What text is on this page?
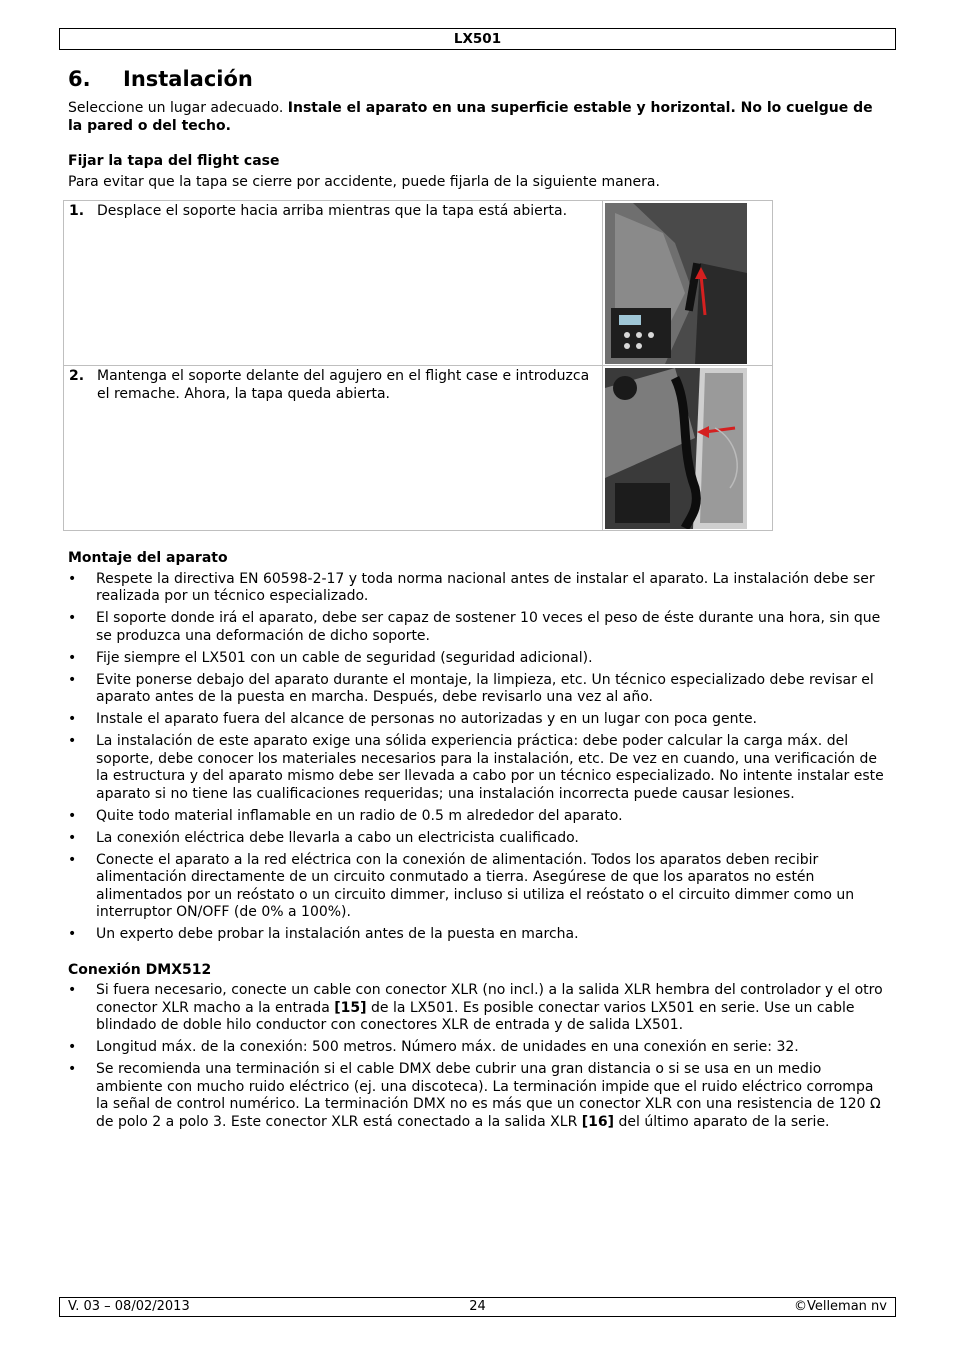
LX501
6.	Instalación

Seleccione un lugar adecuado. Instale el aparato en una superficie estable y horizontal. No lo cuelgue de la pared o del techo.

Fijar la tapa del flight case

Para evitar que la tapa se cierre por accidente, puede fijarla de la siguiente manera.

1. Desplace el soporte hacia arriba mientras que la tapa está abierta.

2. Mantenga el soporte delante del agujero en el flight case e introduzca el remache. Ahora, la tapa queda abierta.

Montaje del aparato
• Respete la directiva EN 60598-2-17 y toda norma nacional antes de instalar el aparato. La instalación debe ser realizada por un técnico especializado.
• El soporte donde irá el aparato, debe ser capaz de sostener 10 veces el peso de éste durante una hora, sin que se produzca una deformación de dicho soporte.
• Fije siempre el LX501 con un cable de seguridad (seguridad adicional).
• Evite ponerse debajo del aparato durante el montaje, la limpieza, etc. Un técnico especializado debe revisar el aparato antes de la puesta en marcha. Después, debe revisarlo una vez al año.
• Instale el aparato fuera del alcance de personas no autorizadas y en un lugar con poca gente.
• La instalación de este aparato exige una sólida experiencia práctica: debe poder calcular la carga máx. del soporte, debe conocer los materiales necesarios para la instalación, etc. De vez en cuando, una verificación de la estructura y del aparato mismo debe ser llevada a cabo por un técnico especializado. No intente instalar este aparato si no tiene las cualificaciones requeridas; una instalación incorrecta puede causar lesiones.
• Quite todo material inflamable en un radio de 0.5 m alrededor del aparato.
• La conexión eléctrica debe llevarla a cabo un electricista cualificado.
• Conecte el aparato a la red eléctrica con la conexión de alimentación. Todos los aparatos deben recibir alimentación directamente de un circuito conmutado a tierra. Asegúrese de que los aparatos no estén alimentados por un reóstato o un circuito dimmer, incluso si utiliza el reóstato o el circuito dimmer como un interruptor ON/OFF (de 0% a 100%).
• Un experto debe probar la instalación antes de la puesta en marcha.
Conexión DMX512
• Si fuera necesario, conecte un cable con conector XLR (no incl.) a la salida XLR hembra del controlador y el otro conector XLR macho a la entrada [15] de la LX501. Es posible conectar varios LX501 en serie. Use un cable blindado de doble hilo conductor con conectores XLR de entrada y de salida LX501.
• Longitud máx. de la conexión: 500 metros. Número máx. de unidades en una conexión en serie: 32.
• Se recomienda una terminación si el cable DMX debe cubrir una gran distancia o si se usa en un medio ambiente con mucho ruido eléctrico (ej. una discoteca). La terminación impide que el ruido eléctrico corrompa la señal de control numérico. La terminación DMX no es más que un conector XLR con una resistencia de 120 Ω de polo 2 a polo 3. Este conector XLR está conectado a la salida XLR [16] del último aparato de la serie.
V. 03 – 08/02/2013	24	©Velleman nv
